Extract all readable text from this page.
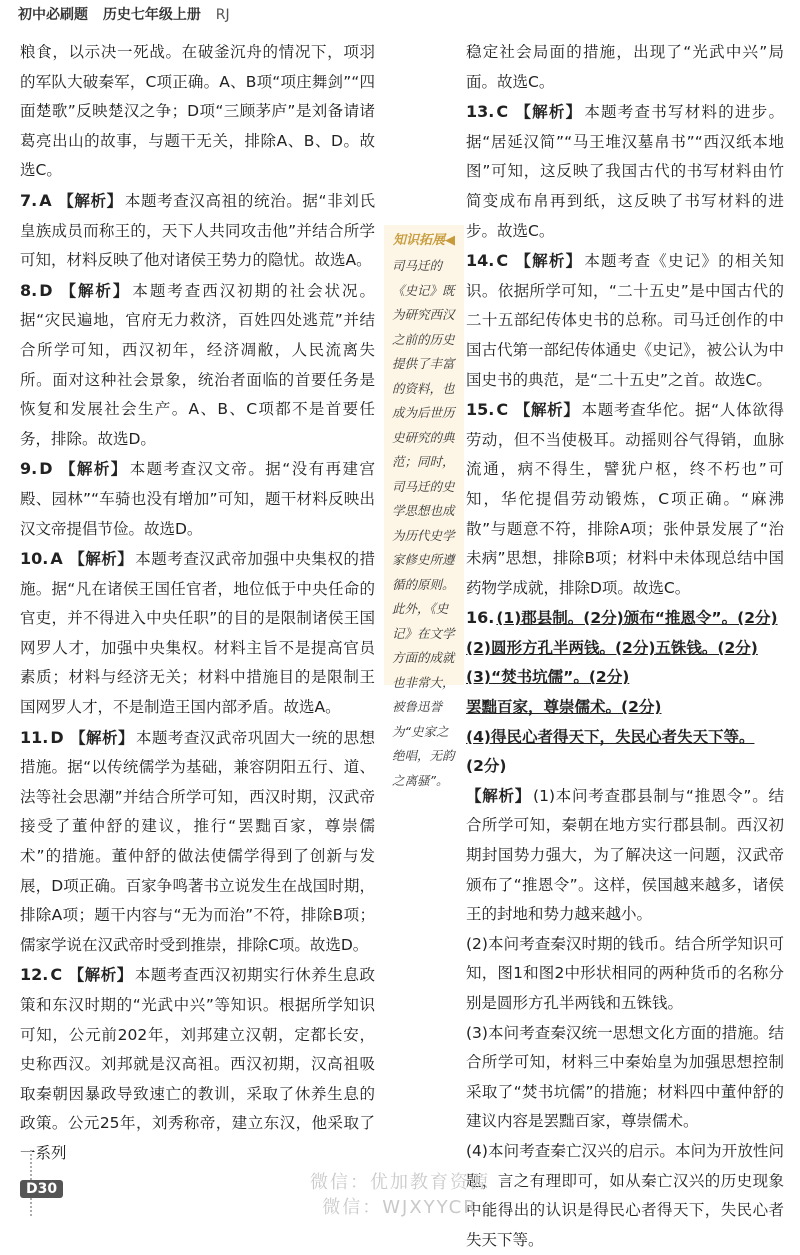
初中必刷题 历史七年级上册 RJ

粮食，以示决一死战。在破釜沉舟的情况下，项羽的军队大破秦军，C项正确。A、B项“项庄舞剑”“四面楚歌”反映楚汉之争；D项“三顾茅庐”是刘备请诸葛亮出山的故事，与题干无关，排除A、B、D。故选C。

7. A 【解析】 本题考查汉高祖的统治。据“非刘氏皇族成员而称王的，天下人共同攻击他”并结合所学可知，材料反映了他对诸侯王势力的隐忧。故选A。
8. D 【解析】 本题考查西汉初期的社会状况。据“灾民遍地，官府无力救济，百姓四处逃荒”并结合所学可知，西汉初年，经济凋敝，人民流离失所。面对这种社会景象，统治者面临的首要任务是恢复和发展社会生产。A、B、C项都不是首要任务，排除。故选D。
9. D 【解析】 本题考查汉文帝。据“没有再建宫殿、园林”“车骑也没有增加”可知，题干材料反映出汉文帝提倡节俭。故选D。
10. A 【解析】 本题考查汉武帝加强中央集权的措施。据“凡在诸侯王国任官者，地位低于中央任命的官吏，并不得进入中央任职”的目的是限制诸侯王国网罗人才，加强中央集权。材料主旨不是提高官员素质；材料与经济无关；材料中措施目的是限制王国网罗人才，不是制造王国内部矛盾。故选A。
11. D 【解析】 本题考查汉武帝巩固大一统的思想措施。据“以传统儒学为基础，兼容阴阳五行、道、法等社会思潮”并结合所学可知，西汉时期，汉武帝接受了董仲舒的建议，推行“罢黜百家，尊崇儒术”的措施。董仲舒的做法使儒学得到了创新与发展，D项正确。百家争鸣著书立说发生在战国时期，排除A项；题干内容与“无为而治”不符，排除B项；儒家学说在汉武帝时受到推崇，排除C项。故选D。
12. C 【解析】 本题考查西汉初期实行休养生息政策和东汉时期的“光武中兴”等知识。根据所学知识可知，公元前202年，刘邦建立汉朝，定都长安，史称西汉。刘邦就是汉高祖。西汉初期，汉高祖吸取秦朝因暴政导致速亡的教训，采取了休养生息的政策。公元25年，刘秀称帝，建立东汉，他采取了一系列
知识拓展◀
司马迁的《史记》既为研究西汉之前的历史提供了丰富的资料，也成为后世历史研究的典范；同时，司马迁的史学思想也成为历代史学家修史所遵循的原则。此外，《史记》在文学方面的成就也非常大，被鲁迅誉为“史家之绝唱，无韵之离骚”。

稳定社会局面的措施，出现了“光武中兴”局面。故选C。

13. C 【解析】 本题考查书写材料的进步。据“居延汉简”“马王堆汉墓帛书”“西汉纸本地图”可知，这反映了我国古代的书写材料由竹简变成布帛再到纸，这反映了书写材料的进步。故选C。
14. C 【解析】 本题考查《史记》的相关知识。依据所学可知，“二十五史”是中国古代的二十五部纪传体史书的总称。司马迁创作的中国古代第一部纪传体通史《史记》，被公认为中国史书的典范，是“二十五史”之首。故选C。
15. C 【解析】 本题考查华佗。据“人体欲得劳动，但不当使极耳。动摇则谷气得销，血脉流通，病不得生，譬犹户枢，终不朽也”可知，华佗提倡劳动锻炼，C项正确。“麻沸散”与题意不符，排除A项；张仲景发展了“治未病”思想，排除B项；材料中未体现总结中国药物学成就，排除D项。故选C。
16. (1)郡县制。(2分)颁布“推恩令”。(2分)
(2)圆形方孔半两钱。(2分)五铢钱。(2分)
(3)“焚书坑儒”。(2分)
罢黜百家，尊崇儒术。(2分)
(4)得民心者得天下，失民心者失天下等。
(2分)
【解析】 (1)本问考查郡县制与“推恩令”。结合所学可知，秦朝在地方实行郡县制。西汉初期封国势力强大，为了解决这一问题，汉武帝颁布了“推恩令”。这样，侯国越来越多，诸侯王的封地和势力越来越小。
(2)本问考查秦汉时期的钱币。结合所学知识可知，图1和图2中形状相同的两种货币的名称分别是圆形方孔半两钱和五铢钱。
(3)本问考查秦汉统一思想文化方面的措施。结合所学可知，材料三中秦始皇为加强思想控制采取了“焚书坑儒”的措施；材料四中董仲舒的建议内容是罢黜百家，尊崇儒术。
(4)本问考查秦亡汉兴的启示。本问为开放性问题，言之有理即可，如从秦亡汉兴的历史现象中能得出的认识是得民心者得天下，失民心者失天下等。
D30	微信：优加教育资源
微信：WJXYYCR
